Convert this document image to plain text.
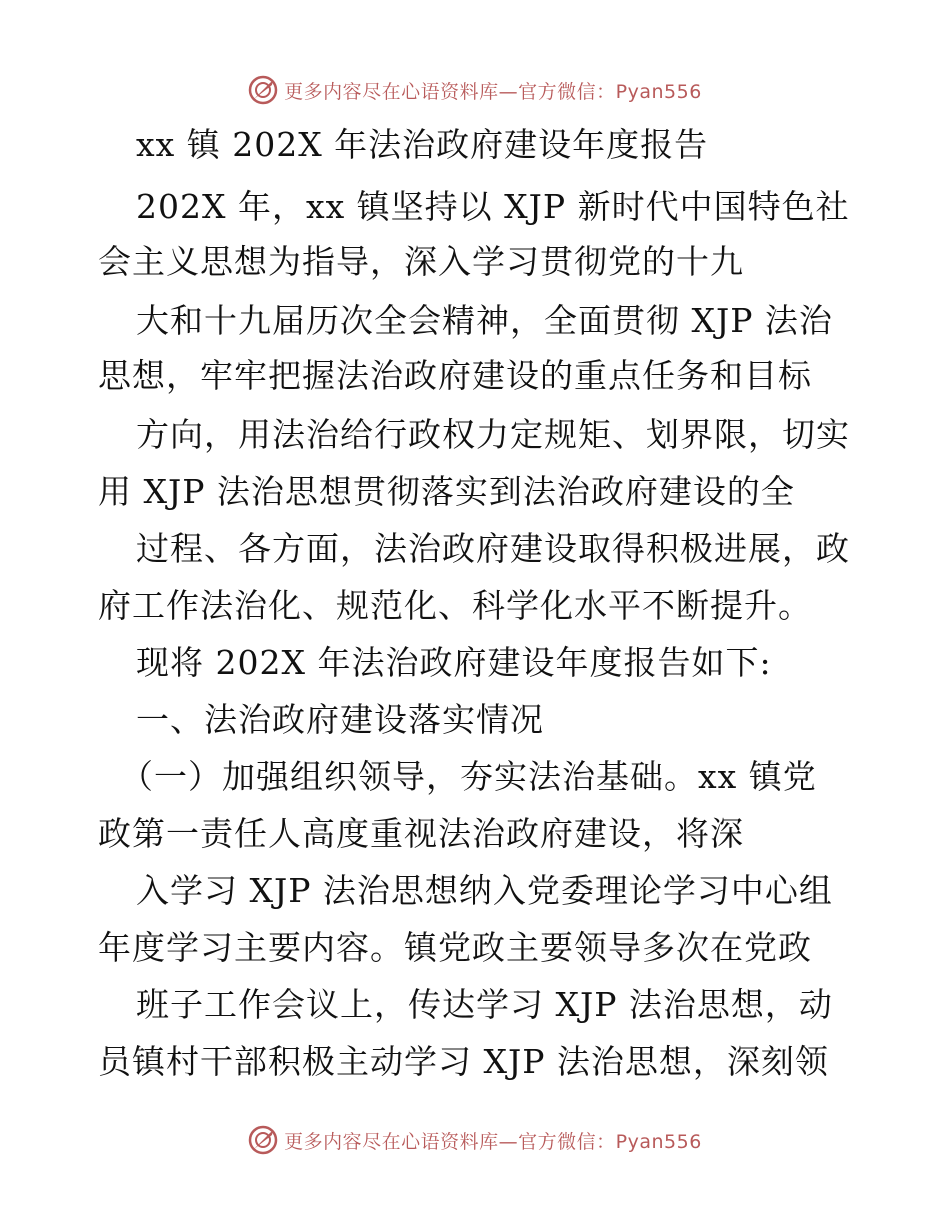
更多内容尽在心语资料库—官方微信：Pyan556
xx 镇 202X 年法治政府建设年度报告
202X 年，xx 镇坚持以 XJP 新时代中国特色社
会主义思想为指导，深入学习贯彻党的十九
大和十九届历次全会精神，全面贯彻 XJP 法治
思想，牢牢把握法治政府建设的重点任务和目标
方向，用法治给行政权力定规矩、划界限，切实
用 XJP 法治思想贯彻落实到法治政府建设的全
过程、各方面，法治政府建设取得积极进展，政
府工作法治化、规范化、科学化水平不断提升。
现将 202X 年法治政府建设年度报告如下:
一、法治政府建设落实情况
（一）加强组织领导，夯实法治基础。xx 镇党
政第一责任人高度重视法治政府建设，将深
入学习 XJP 法治思想纳入党委理论学习中心组
年度学习主要内容。镇党政主要领导多次在党政
班子工作会议上，传达学习 XJP 法治思想，动
员镇村干部积极主动学习 XJP 法治思想，深刻领
更多内容尽在心语资料库—官方微信：Pyan556
